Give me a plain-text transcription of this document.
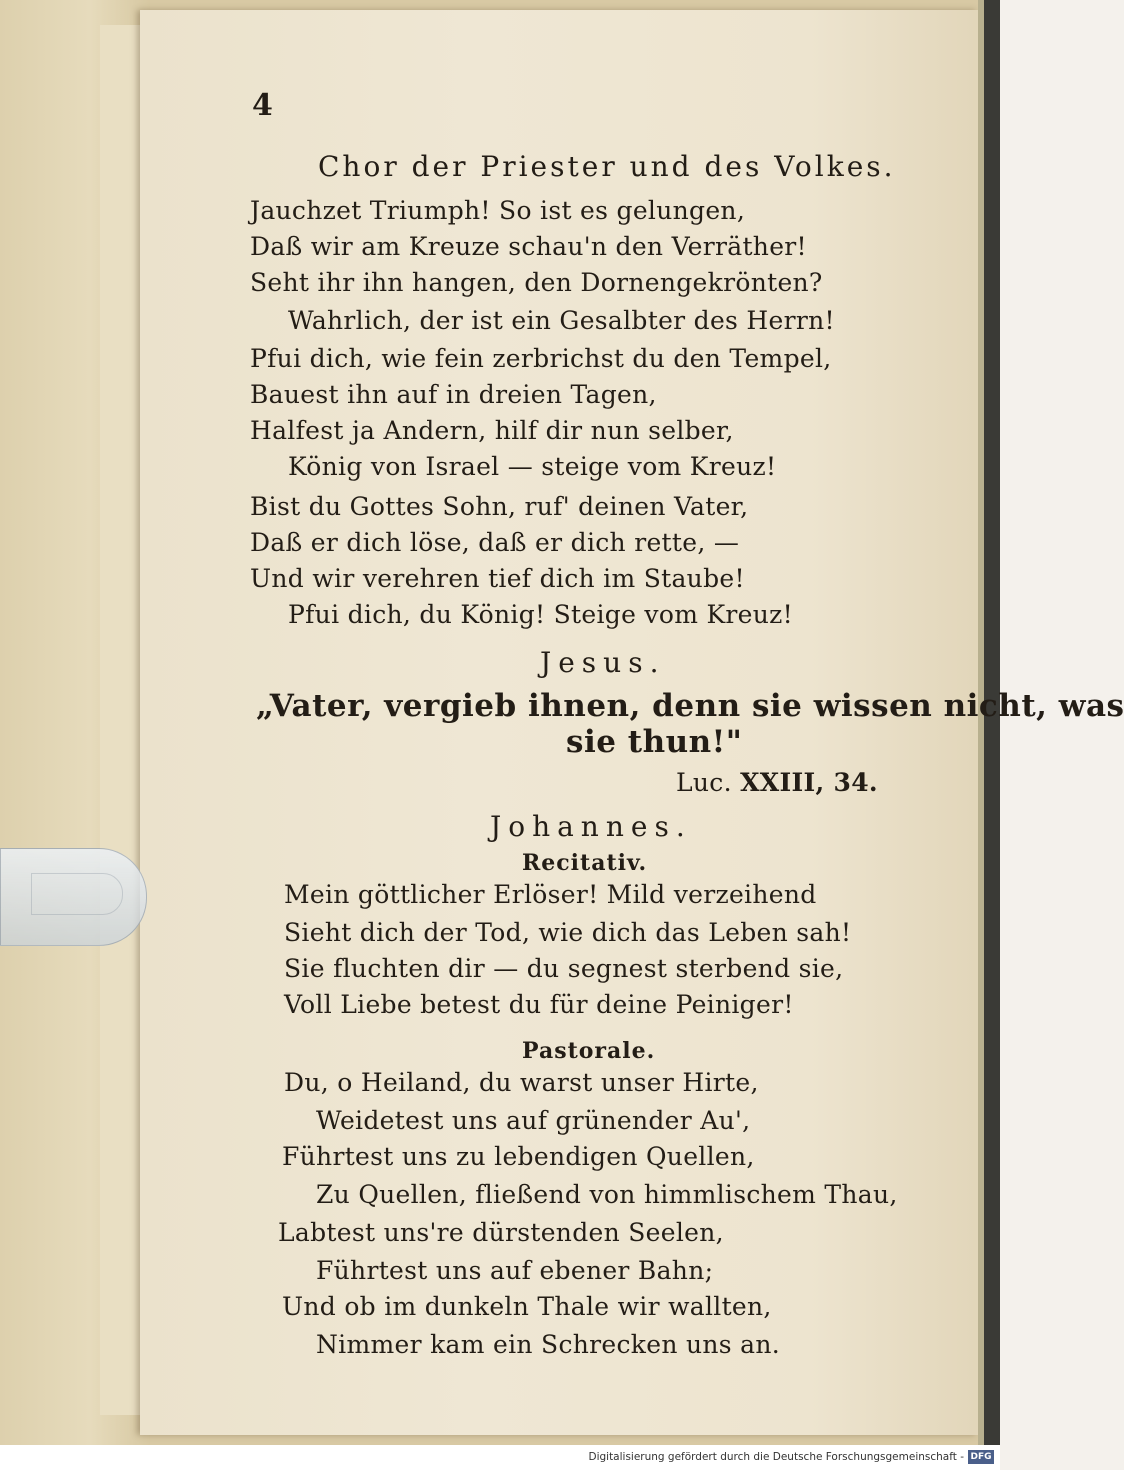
4
Chor der Priester und des Volkes.
Jauchzet Triumph! So ist es gelungen,
Daß wir am Kreuze schau'n den Verräther!
Seht ihr ihn hangen, den Dornengekrönten?
Wahrlich, der ist ein Gesalbter des Herrn!
Pfui dich, wie fein zerbrichst du den Tempel,
Bauest ihn auf in dreien Tagen,
Halfest ja Andern, hilf dir nun selber,
König von Israel — steige vom Kreuz!
Bist du Gottes Sohn, ruf' deinen Vater,
Daß er dich löse, daß er dich rette, —
Und wir verehren tief dich im Staube!
Pfui dich, du König! Steige vom Kreuz!
Jesus.
„Vater, vergieb ihnen, denn sie wissen nicht, was
sie thun!"
Luc. XXIII, 34.
Johannes.
Recitativ.
Mein göttlicher Erlöser! Mild verzeihend
Sieht dich der Tod, wie dich das Leben sah!
Sie fluchten dir — du segnest sterbend sie,
Voll Liebe betest du für deine Peiniger!
Pastorale.
Du, o Heiland, du warst unser Hirte,
Weidetest uns auf grünender Au',
Führtest uns zu lebendigen Quellen,
Zu Quellen, fließend von himmlischem Thau,
Labtest uns're dürstenden Seelen,
Führtest uns auf ebener Bahn;
Und ob im dunkeln Thale wir wallten,
Nimmer kam ein Schrecken uns an.
Digitalisierung gefördert durch die Deutsche Forschungsgemeinschaft - DFG
